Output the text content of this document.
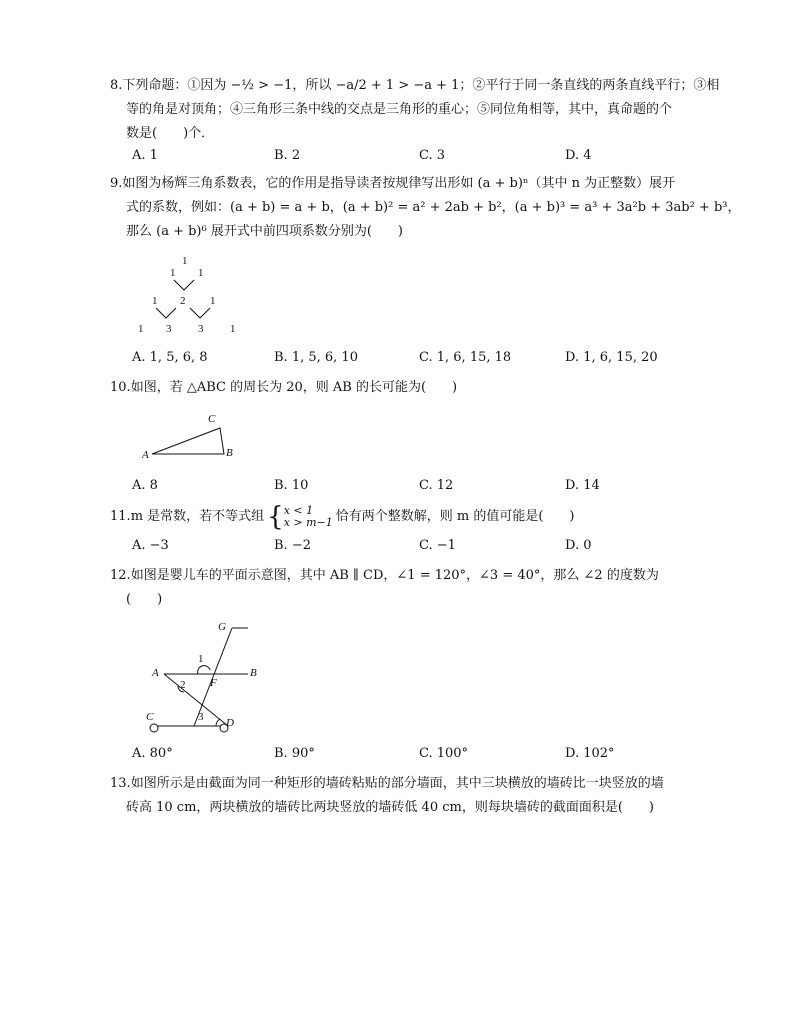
8.下列命题：①因为 −½ > −1，所以 −a/2 + 1 > −a + 1；②平行于同一条直线的两条直线平行；③相
等的角是对顶角；④三角形三条中线的交点是三角形的重心；⑤同位角相等，其中，真命题的个
数是(　　)个．
A. 1	B. 2	C. 3	D. 4
9.如图为杨辉三角系数表，它的作用是指导读者按规律写出形如 (a + b)ⁿ（其中 n 为正整数）展开
式的系数，例如：(a + b) = a + b，(a + b)² = a² + 2ab + b²，(a + b)³ = a³ + 3a²b + 3ab² + b³，
那么 (a + b)⁶ 展开式中前四项系数分别为(　　)
1
1 1
1 2 1
1 3 3 1
A. 1, 5, 6, 8	B. 1, 5, 6, 10	C. 1, 6, 15, 18	D. 1, 6, 15, 20
10.如图，若 △ABC 的周长为 20，则 AB 的长可能为(　　)
A	B
C
A. 8	B. 10	C. 12	D. 14
11. m 是常数，若不等式组 { x < 1
x > m−1 恰有两个整数解，则 m 的值可能是(　　)
A. −3	B. −2	C. −1	D. 0
12.如图是婴儿车的平面示意图，其中 AB ∥ CD，∠1 = 120°，∠3 = 40°，那么 ∠2 的度数为
(　　)
G
1
A	B
2 F
C	3 D
A. 80°	B. 90°	C. 100°	D. 102°
13.如图所示是由截面为同一种矩形的墙砖粘贴的部分墙面，其中三块横放的墙砖比一块竖放的墙
砖高 10 cm，两块横放的墙砖比两块竖放的墙砖低 40 cm，则每块墙砖的截面面积是(　　)
